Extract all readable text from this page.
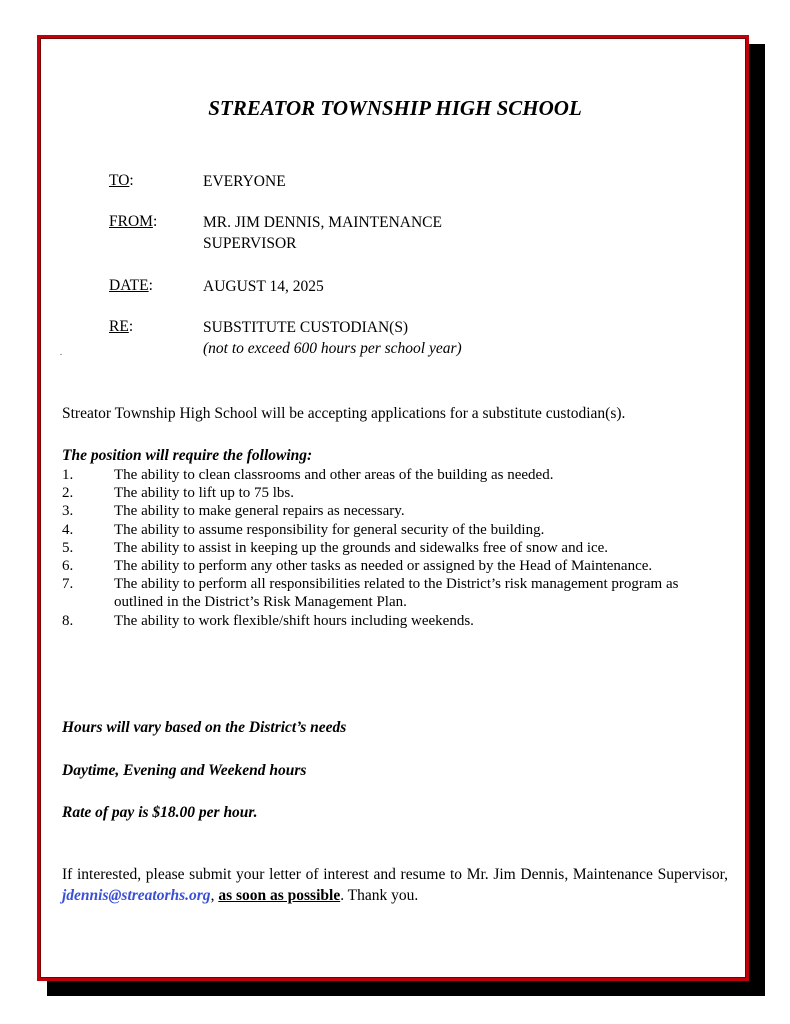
STREATOR TOWNSHIP HIGH SCHOOL
TO:	EVERYONE
FROM:	MR. JIM DENNIS, MAINTENANCE
SUPERVISOR
DATE:	AUGUST 14, 2025
RE:	SUBSTITUTE CUSTODIAN(S)
(not to exceed 600 hours per school year)
.
Streator Township High School will be accepting applications for a substitute custodian(s).
The position will require the following:
1.	The ability to clean classrooms and other areas of the building as needed.
2.	The ability to lift up to 75 lbs.
3.	The ability to make general repairs as necessary.
4.	The ability to assume responsibility for general security of the building.
5.	The ability to assist in keeping up the grounds and sidewalks free of snow and ice.
6.	The ability to perform any other tasks as needed or assigned by the Head of Maintenance.
7.	The ability to perform all responsibilities related to the District’s risk management program as outlined in the District’s Risk Management Plan.
8.	The ability to work flexible/shift hours including weekends.
Hours will vary based on the District’s needs
Daytime, Evening and Weekend hours
Rate of pay is $18.00 per hour.
If interested, please submit your letter of interest and resume to Mr. Jim Dennis, Maintenance Supervisor, jdennis@streatorhs.org, as soon as possible. Thank you.
